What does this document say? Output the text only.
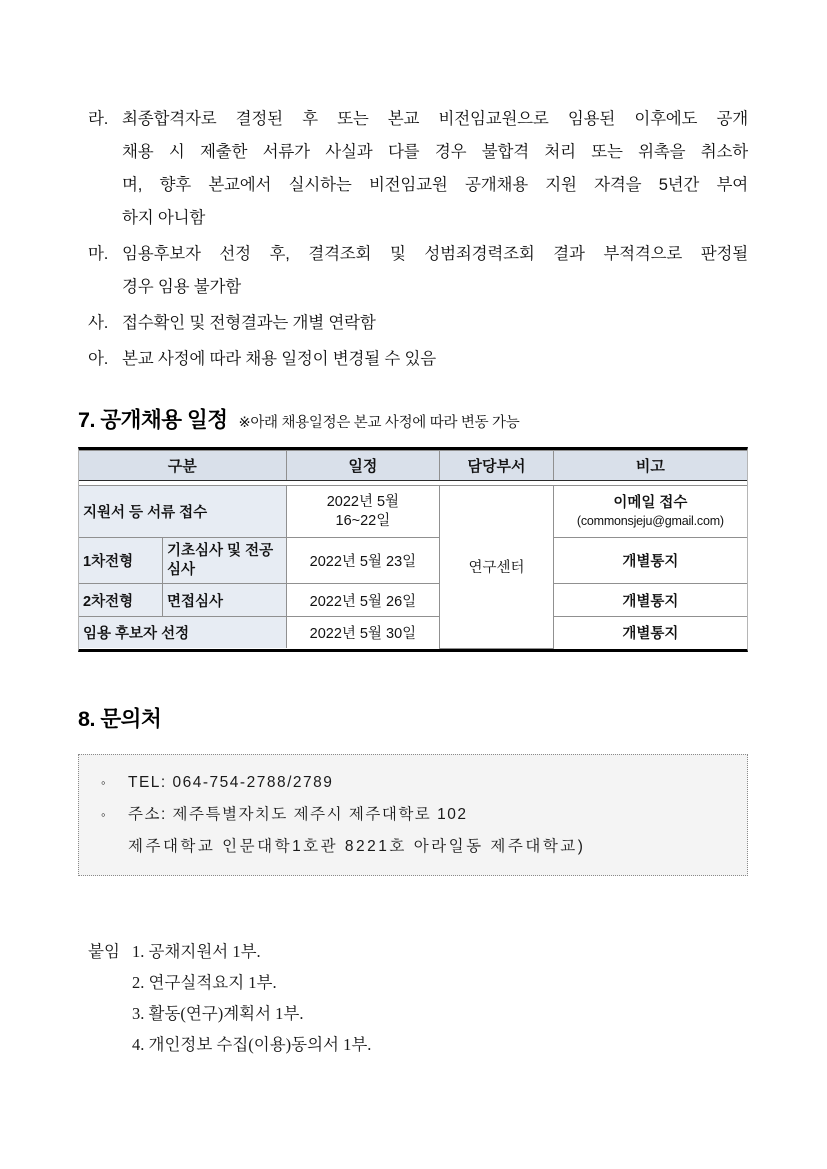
라. 최종합격자로 결정된 후 또는 본교 비전임교원으로 임용된 이후에도 공개
채용 시 제출한 서류가 사실과 다를 경우 불합격 처리 또는 위촉을 취소하
며, 향후 본교에서 실시하는 비전임교원 공개채용 지원 자격을 5년간 부여
하지 아니함
마. 임용후보자 선정 후, 결격조회 및 성범죄경력조회 결과 부적격으로 판정될
경우 임용 불가함
사. 접수확인 및 전형결과는 개별 연락함
아. 본교 사정에 따라 채용 일정이 변경될 수 있음
7. 공개채용 일정 ※아래 채용일정은 본교 사정에 따라 변동 가능
구분		일정	담당부서	비고

지원서 등 서류 접수		2022년 5월
16~22일	연구센터	이메일 접수
(commonsjeju@gmail.com)

1차전형	기초심사 및 전공심사	2022년 5월 23일		개별통지
2차전형	면접심사	2022년 5월 26일		개별통지
임용 후보자 선정		2022년 5월 30일		개별통지
8. 문의처
◦	TEL: 064-754-2788/2789
◦	주소: 제주특별자치도 제주시 제주대학로 102
제주대학교 인문대학1호관 8221호 아라일동 제주대학교)
붙임 1. 공채지원서 1부.
2. 연구실적요지 1부.
3. 활동(연구)계획서 1부.
4. 개인정보 수집(이용)동의서 1부.
